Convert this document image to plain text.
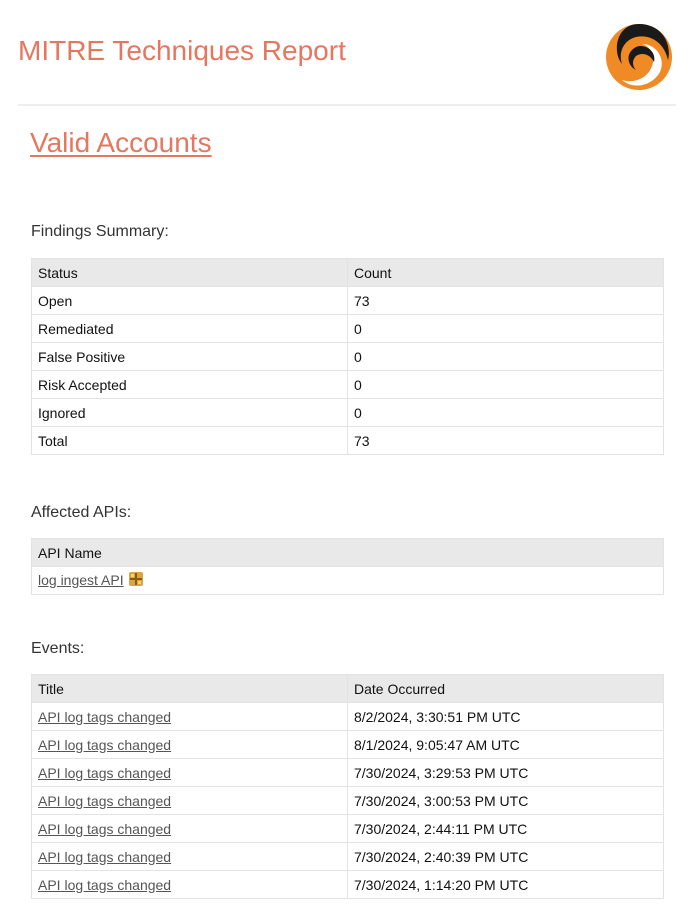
MITRE Techniques Report
Valid Accounts
Findings Summary:
Status	Count
Open	73
Remediated	0
False Positive	0
Risk Accepted	0
Ignored	0
Total	73
Affected APIs:
API Name
log ingest API
Events:
Title	Date Occurred
API log tags changed	8/2/2024, 3:30:51 PM UTC
API log tags changed	8/1/2024, 9:05:47 AM UTC
API log tags changed	7/30/2024, 3:29:53 PM UTC
API log tags changed	7/30/2024, 3:00:53 PM UTC
API log tags changed	7/30/2024, 2:44:11 PM UTC
API log tags changed	7/30/2024, 2:40:39 PM UTC
API log tags changed	7/30/2024, 1:14:20 PM UTC
